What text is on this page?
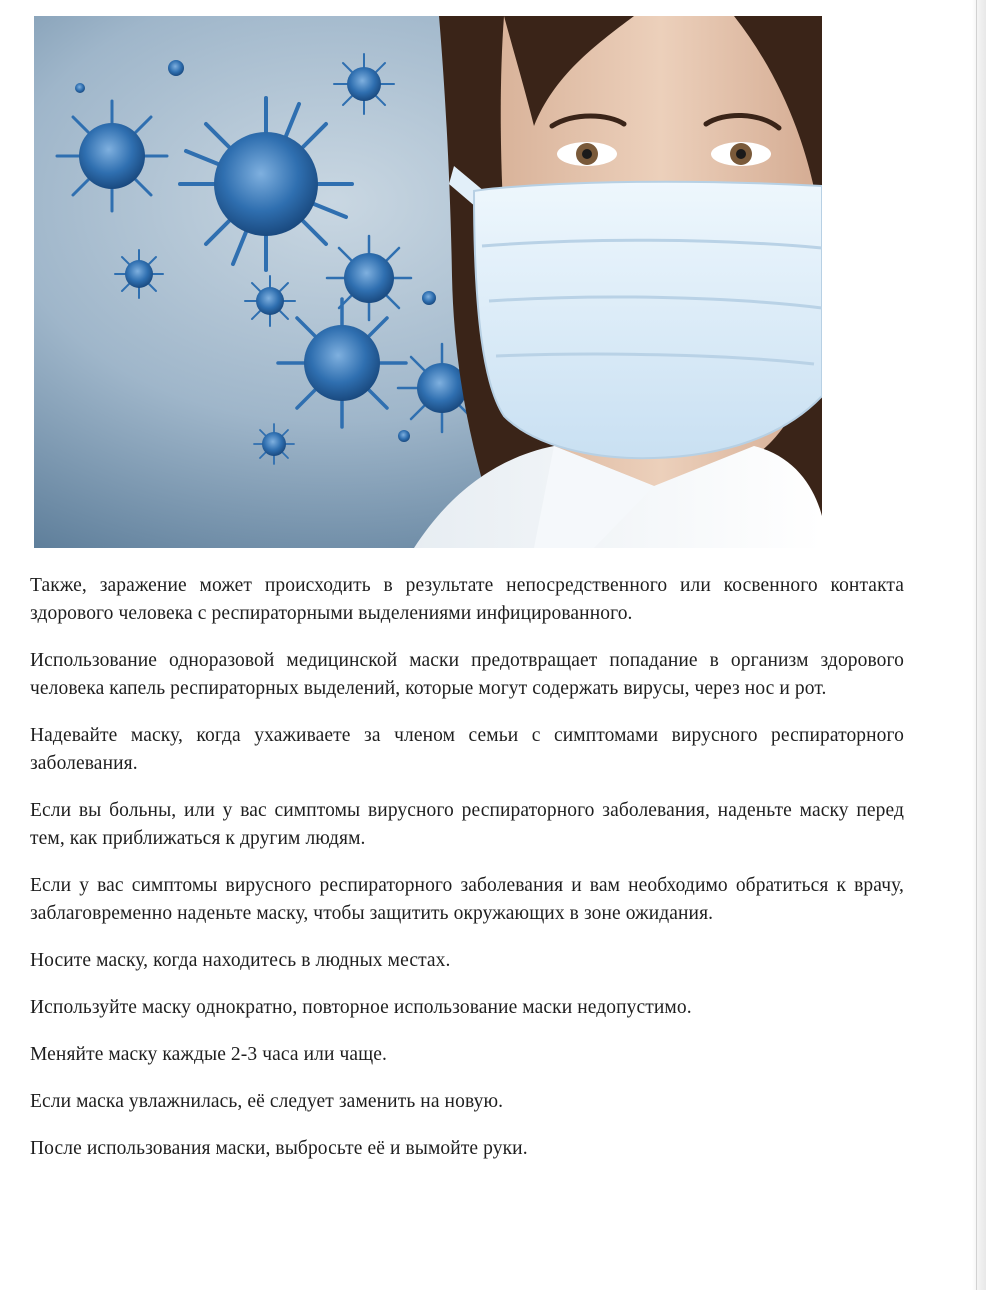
Также, заражение может происходить в результате непосредственного или косвенного контакта здорового человека с респираторными выделениями инфицированного.

Использование одноразовой медицинской маски предотвращает попадание в организм здорового человека капель респираторных выделений, которые могут содержать вирусы, через нос и рот.

Надевайте маску, когда ухаживаете за членом семьи с симптомами вирусного респираторного заболевания.

Если вы больны, или у вас симптомы вирусного респираторного заболевания, наденьте маску перед тем, как приближаться к другим людям.

Если у вас симптомы вирусного респираторного заболевания и вам необходимо обратиться к врачу, заблаговременно наденьте маску, чтобы защитить окружающих в зоне ожидания.

Носите маску, когда находитесь в людных местах.

Используйте маску однократно, повторное использование маски недопустимо.

Меняйте маску каждые 2-3 часа или чаще.

Если маска увлажнилась, её следует заменить на новую.

После использования маски, выбросьте её и вымойте руки.
